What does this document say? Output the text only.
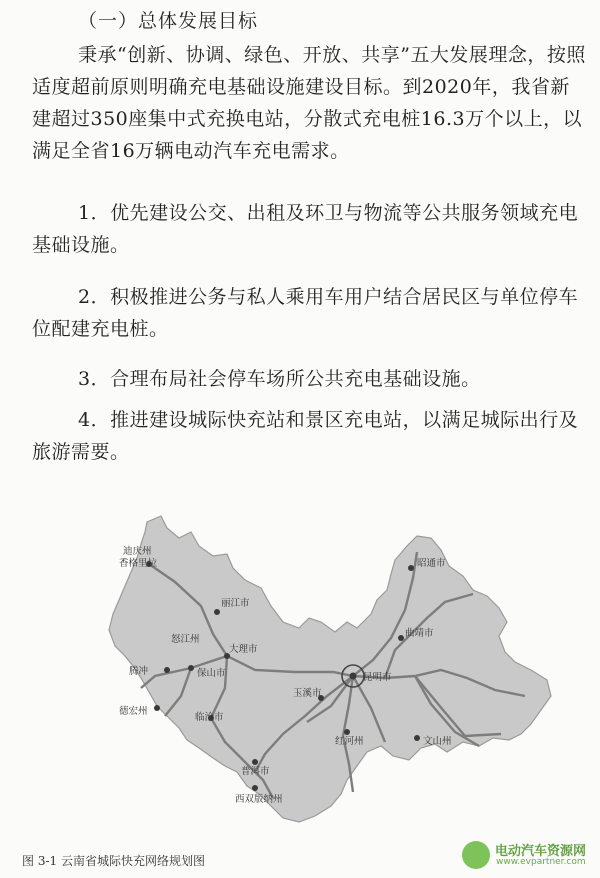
（一）总体发展目标

秉承“创新、协调、绿色、开放、共享”五大发展理念，按照适度超前原则明确充电基础设施建设目标。到2020年，我省新建超过350座集中式充换电站，分散式充电桩16.3万个以上，以满足全省16万辆电动汽车充电需求。

1．优先建设公交、出租及环卫与物流等公共服务领域充电基础设施。

2．积极推进公务与私人乘用车用户结合居民区与单位停车位配建充电桩。

3．合理布局社会停车场所公共充电基础设施。

4．推进建设城际快充站和景区充电站，以满足城际出行及旅游需要。

迪庆州
香格里拉
丽江市
怒江州
大理市
腾冲	保山市
德宏州
临沧市
普洱市
西双版纳州
昭通市
曲靖市
昆明市
玉溪市
红河州	文山州
图 3-1 云南省城际快充网络规划图
电动汽车资源网
www.evpartner.com
